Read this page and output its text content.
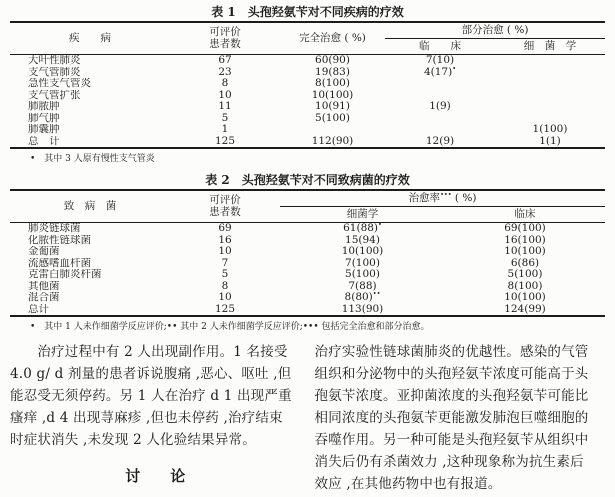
表 1　头孢羟氨苄对不同疾病的疗效
疾　　病	可评价
患者数	完全治愈 ( %)	部分治愈 ( %)	
			临　　床	细　菌　学
大叶性肺炎	67	60(90)	7(10)	
支气管肺炎	23	19(83)	4(17)•	
急性支气管炎	8	8(100)		
支气管扩张	10	10(100)		
肺脓肿	11	10(91)	1(9)	
肺气肿	5	5(100)		
肺囊肿	1			1(100)
总　计	125	112(90)	12(9)	1(1)
•　其中 3 人原有慢性支气管炎
表 2　头孢羟氨苄对不同致病菌的疗效
致　病　菌	可评价
患者数	治愈率••• ( %)	
		细菌学	临床
肺炎链球菌	69	61(88)•	69(100)
化脓性链球菌	16	15(94)	16(100)
金葡菌	10	10(100)	10(100)
流感嗜血杆菌	7	7(100)	6(86)
克雷白肺炎杆菌	5	5(100)	5(100)
其他菌	8	7(88)	8(100)
混合菌	10	8(80)••	10(100)
总计	125	113(90)	124(99)
•　其中 1 人未作细菌学反应评价;•• 其中 2 人未作细菌学反应评价;••• 包括完全治愈和部分治愈。
　　治疗过程中有 2 人出现副作用。1 名接受
4.0 g/ d 剂量的患者诉说腹痛 ,恶心、呕吐 ,但
能忍受无须停药。另 1 人在治疗 d 1 出现严重
瘙痒 ,d 4 出现荨麻疹 ,但也未停药 ,治疗结束
时症状消失 ,未发现 2 人化验结果异常。
讨　　论
治疗实验性链球菌肺炎的优越性。感染的气管
组织和分泌物中的头孢羟氨苄浓度可能高于头
孢氨苄浓度。亚抑菌浓度的头孢羟氨苄可能比
相同浓度的头孢氨苄更能激发肺泡巨噬细胞的
吞噬作用。另一种可能是头孢羟氨苄从组织中
消失后仍有杀菌效力 ,这种现象称为抗生素后
效应 ,在其他药物中也有报道。
